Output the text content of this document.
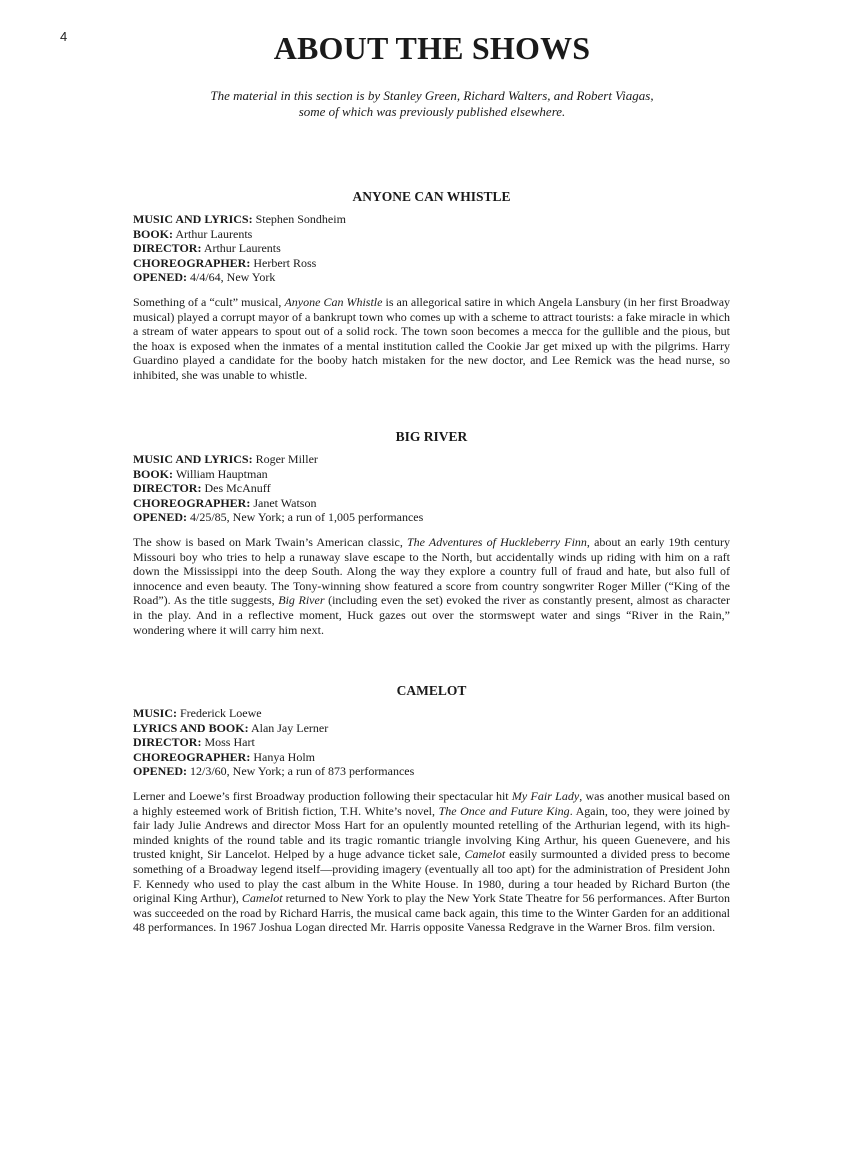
4	ABOUT THE SHOWS
The material in this section is by Stanley Green, Richard Walters, and Robert Viagas,
some of which was previously published elsewhere.
ANYONE CAN WHISTLE
MUSIC AND LYRICS: Stephen Sondheim
BOOK: Arthur Laurents
DIRECTOR: Arthur Laurents
CHOREOGRAPHER: Herbert Ross
OPENED: 4/4/64, New York

Something of a “cult” musical, Anyone Can Whistle is an allegorical satire in which Angela Lansbury (in her first Broadway musical) played a corrupt mayor of a bankrupt town who comes up with a scheme to attract tourists: a fake miracle in which a stream of water appears to spout out of a solid rock. The town soon becomes a mecca for the gullible and the pious, but the hoax is exposed when the inmates of a mental institution called the Cookie Jar get mixed up with the pilgrims. Harry Guardino played a candidate for the booby hatch mistaken for the new doctor, and Lee Remick was the head nurse, so inhibited, she was unable to whistle.

BIG RIVER
MUSIC AND LYRICS: Roger Miller
BOOK: William Hauptman
DIRECTOR: Des McAnuff
CHOREOGRAPHER: Janet Watson
OPENED: 4/25/85, New York; a run of 1,005 performances

The show is based on Mark Twain’s American classic, The Adventures of Huckleberry Finn, about an early 19th century Missouri boy who tries to help a runaway slave escape to the North, but accidentally winds up riding with him on a raft down the Mississippi into the deep South. Along the way they explore a country full of fraud and hate, but also full of innocence and even beauty. The Tony-winning show featured a score from country songwriter Roger Miller (“King of the Road”). As the title suggests, Big River (including even the set) evoked the river as constantly present, almost as character in the play. And in a reflective moment, Huck gazes out over the stormswept water and sings “River in the Rain,” wondering where it will carry him next.

CAMELOT
MUSIC: Frederick Loewe
LYRICS AND BOOK: Alan Jay Lerner
DIRECTOR: Moss Hart
CHOREOGRAPHER: Hanya Holm
OPENED: 12/3/60, New York; a run of 873 performances

Lerner and Loewe’s first Broadway production following their spectacular hit My Fair Lady, was another musical based on a highly esteemed work of British fiction, T.H. White’s novel, The Once and Future King. Again, too, they were joined by fair lady Julie Andrews and director Moss Hart for an opulently mounted retelling of the Arthurian legend, with its high-minded knights of the round table and its tragic romantic triangle involving King Arthur, his queen Guenevere, and his trusted knight, Sir Lancelot. Helped by a huge advance ticket sale, Camelot easily surmounted a divided press to become something of a Broadway legend itself—providing imagery (eventually all too apt) for the administration of President John F. Kennedy who used to play the cast album in the White House. In 1980, during a tour headed by Richard Burton (the original King Arthur), Camelot returned to New York to play the New York State Theatre for 56 performances. After Burton was succeeded on the road by Richard Harris, the musical came back again, this time to the Winter Garden for an additional 48 performances. In 1967 Joshua Logan directed Mr. Harris opposite Vanessa Redgrave in the Warner Bros. film version.
